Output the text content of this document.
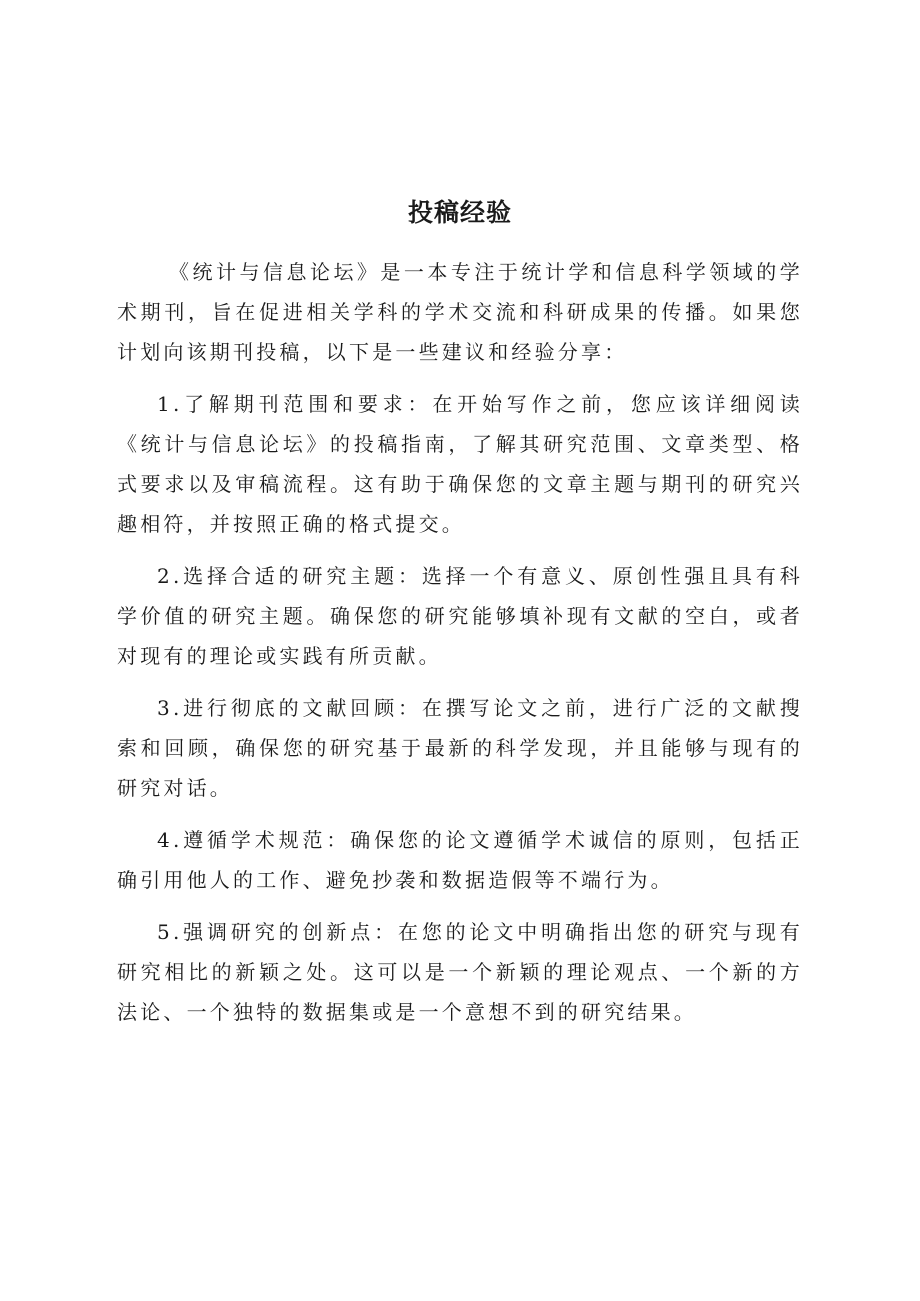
投稿经验

《统计与信息论坛》是一本专注于统计学和信息科学领域的学术期刊，旨在促进相关学科的学术交流和科研成果的传播。如果您计划向该期刊投稿，以下是一些建议和经验分享：

1.了解期刊范围和要求：在开始写作之前，您应该详细阅读《统计与信息论坛》的投稿指南，了解其研究范围、文章类型、格式要求以及审稿流程。这有助于确保您的文章主题与期刊的研究兴趣相符，并按照正确的格式提交。

2.选择合适的研究主题：选择一个有意义、原创性强且具有科学价值的研究主题。确保您的研究能够填补现有文献的空白，或者对现有的理论或实践有所贡献。

3.进行彻底的文献回顾：在撰写论文之前，进行广泛的文献搜索和回顾，确保您的研究基于最新的科学发现，并且能够与现有的研究对话。

4.遵循学术规范：确保您的论文遵循学术诚信的原则，包括正确引用他人的工作、避免抄袭和数据造假等不端行为。

5.强调研究的创新点：在您的论文中明确指出您的研究与现有研究相比的新颖之处。这可以是一个新颖的理论观点、一个新的方法论、一个独特的数据集或是一个意想不到的研究结果。
